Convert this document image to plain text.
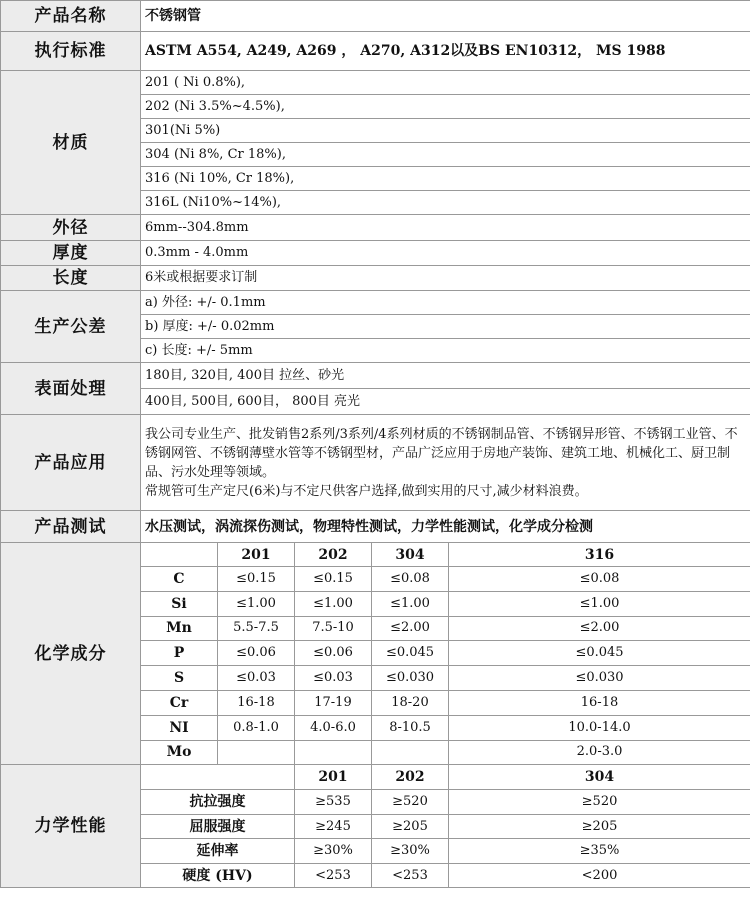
产品名称	不锈钢管					
执行标准	ASTM A554, A249, A269 ， A270, A312以及BS EN10312， MS 1988					
材质	201 ( Ni 0.8%),					
	202 (Ni 3.5%~4.5%),					
	301(Ni 5%)					
	304 (Ni 8%, Cr 18%),					
	316 (Ni 10%, Cr 18%),					
	316L (Ni10%~14%),					
外径	6mm--304.8mm					
厚度	0.3mm - 4.0mm					
长度	6米或根据要求订制					
生产公差	a) 外径: +/- 0.1mm					
	b) 厚度: +/- 0.02mm					
	c) 长度: +/- 5mm					
表面处理	180目, 320目, 400目 拉丝、砂光					
	400目, 500目, 600目， 800目 亮光					
产品应用	我公司专业生产、批发销售2系列/3系列/4系列材质的不锈钢制品管、不锈钢异形管、不锈钢工业管、不锈钢网管、不锈钢薄壁水管等不锈钢型材，产品广泛应用于房地产装饰、建筑工地、机械化工、厨卫制品、污水处理等领域。
常规管可生产定尺(6米)与不定尺供客户选择,做到实用的尺寸,减少材料浪费。					
产品测试	水压测试，涡流探伤测试，物理特性测试，力学性能测试，化学成分检测					
化学成分		201	202	304	316	
	C	≤0.15	≤0.15	≤0.08	≤0.08	
	Si	≤1.00	≤1.00	≤1.00	≤1.00	
	Mn	5.5-7.5	7.5-10	≤2.00	≤2.00	
	P	≤0.06	≤0.06	≤0.045	≤0.045	
	S	≤0.03	≤0.03	≤0.030	≤0.030	
	Cr	16-18	17-19	18-20	16-18	
	NI	0.8-1.0	4.0-6.0	8-10.5	10.0-14.0	
	Mo				2.0-3.0	
力学性能			201	202	304	
	抗拉强度		≥535	≥520	≥520	
	屈服强度		≥245	≥205	≥205	
	延伸率		≥30%	≥30%	≥35%	
	硬度 (HV)		<253	<253	<200	
